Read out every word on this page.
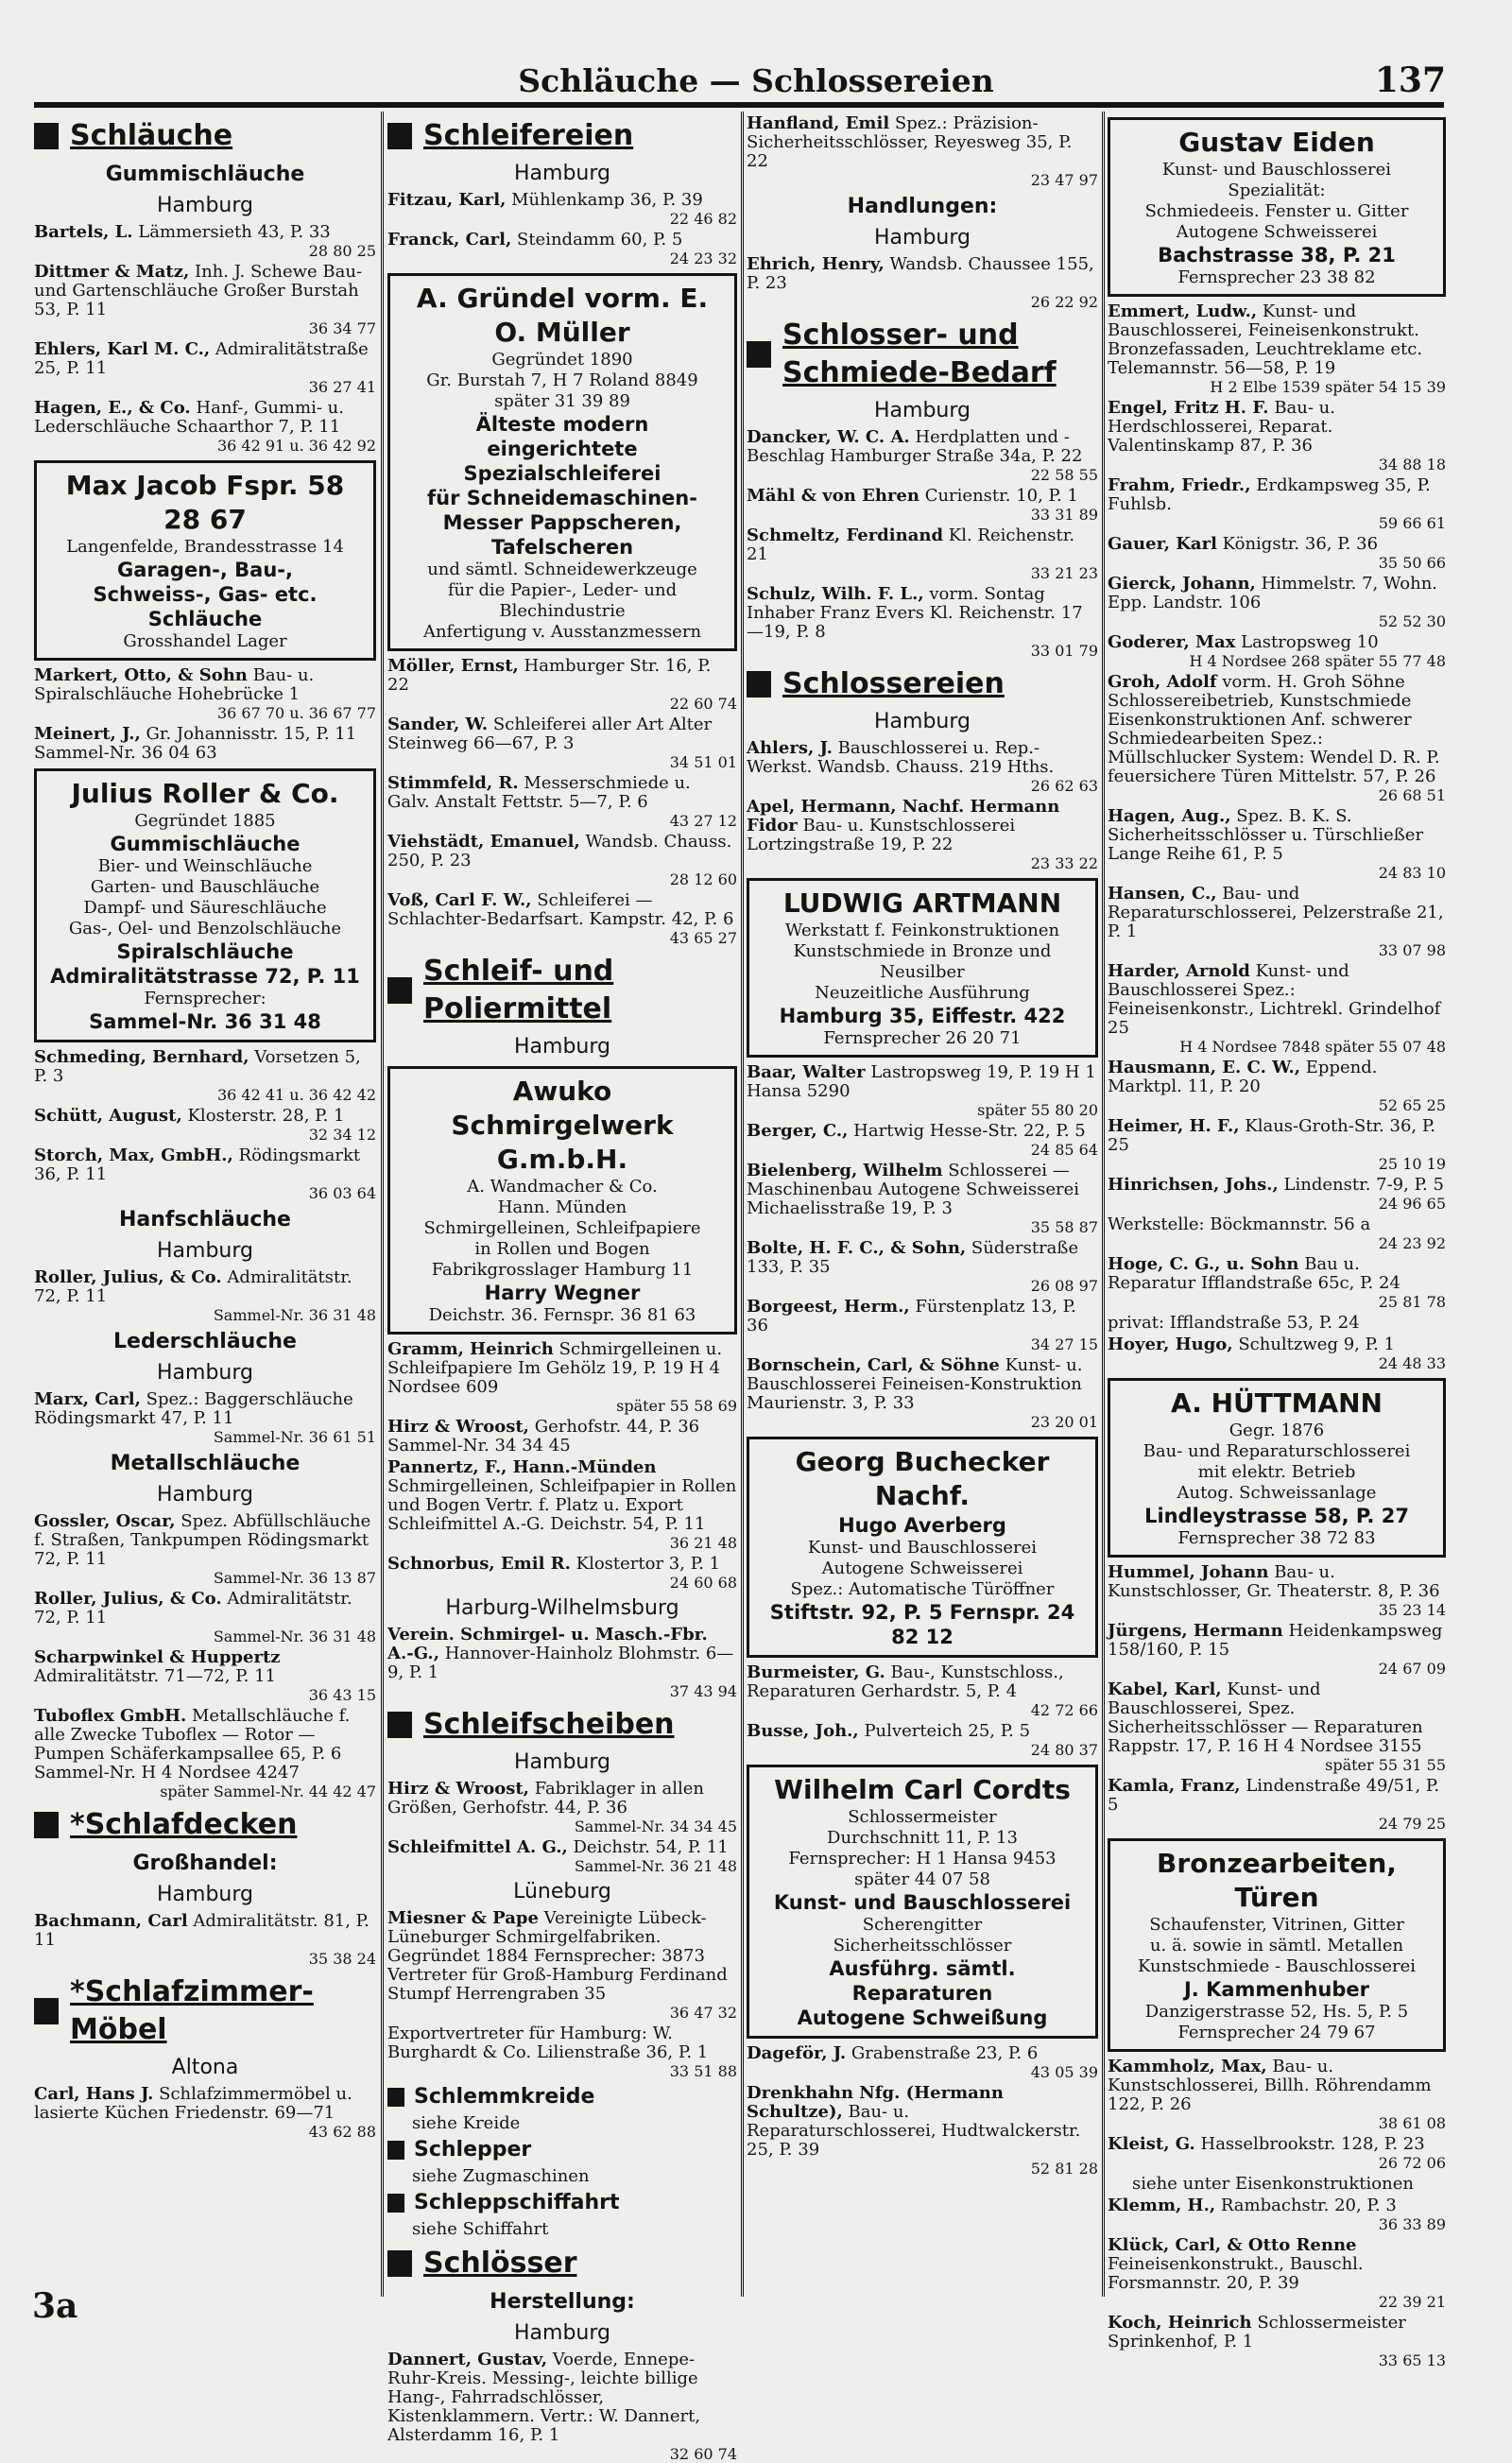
Schläuche — Schlossereien	137
Schläuche
Gummischläuche
Hamburg
Bartels, L. Lämmersieth 43, P. 33
28 80 25
Dittmer & Matz, Inh. J. Schewe Bau- und Gartenschläuche Großer Burstah 53, P. 11
36 34 77
Ehlers, Karl M. C., Admiralitätstraße 25, P. 11
36 27 41
Hagen, E., & Co. Hanf-, Gummi- u. Lederschläuche Schaarthor 7, P. 11
36 42 91 u. 36 42 92
Max Jacob Fspr. 58 28 67
Langenfelde, Brandesstrasse 14
Garagen-, Bau-,
Schweiss-, Gas- etc.
Schläuche
Grosshandel Lager
Markert, Otto, & Sohn Bau- u. Spiralschläuche Hohebrücke 1
36 67 70 u. 36 67 77
Meinert, J., Gr. Johannisstr. 15, P. 11 Sammel-Nr. 36 04 63
Julius Roller & Co.
Gegründet 1885
Gummischläuche
Bier- und Weinschläuche
Garten- und Bauschläuche
Dampf- und Säureschläuche
Gas-, Oel- und Benzolschläuche
Spiralschläuche
Admiralitätstrasse 72, P. 11
Fernsprecher:
Sammel-Nr. 36 31 48
Schmeding, Bernhard, Vorsetzen 5, P. 3
36 42 41 u. 36 42 42
Schütt, August, Klosterstr. 28, P. 1
32 34 12
Storch, Max, GmbH., Rödingsmarkt 36, P. 11
36 03 64
Hanfschläuche
Hamburg
Roller, Julius, & Co. Admiralitätstr. 72, P. 11
Sammel-Nr. 36 31 48
Lederschläuche
Hamburg
Marx, Carl, Spez.: Baggerschläuche Rödingsmarkt 47, P. 11
Sammel-Nr. 36 61 51
Metallschläuche
Hamburg
Gossler, Oscar, Spez. Abfüllschläuche f. Straßen, Tankpumpen Rödingsmarkt 72, P. 11
Sammel-Nr. 36 13 87
Roller, Julius, & Co. Admiralitätstr. 72, P. 11
Sammel-Nr. 36 31 48
Scharpwinkel & Huppertz Admiralitätstr. 71—72, P. 11
36 43 15
Tuboflex GmbH. Metallschläuche f. alle Zwecke Tuboflex — Rotor — Pumpen Schäferkampsallee 65, P. 6 Sammel-Nr. H 4 Nordsee 4247
später Sammel-Nr. 44 42 47
*Schlafdecken
Großhandel:
Hamburg
Bachmann, Carl Admiralitätstr. 81, P. 11
35 38 24
*Schlafzimmer-Möbel
Altona
Carl, Hans J. Schlafzimmermöbel u. lasierte Küchen Friedenstr. 69—71
43 62 88
Schleifereien
Hamburg
Fitzau, Karl, Mühlenkamp 36, P. 39
22 46 82
Franck, Carl, Steindamm 60, P. 5
24 23 32
A. Gründel vorm. E. O. Müller
Gegründet 1890
Gr. Burstah 7, H 7 Roland 8849
später 31 39 89
Älteste modern eingerichtete Spezialschleiferei
für Schneidemaschinen-Messer Pappscheren, Tafelscheren
und sämtl. Schneidewerkzeuge
für die Papier-, Leder- und Blechindustrie
Anfertigung v. Ausstanzmessern
Möller, Ernst, Hamburger Str. 16, P. 22
22 60 74
Sander, W. Schleiferei aller Art Alter Steinweg 66—67, P. 3
34 51 01
Stimmfeld, R. Messerschmiede u. Galv. Anstalt Fettstr. 5—7, P. 6
43 27 12
Viehstädt, Emanuel, Wandsb. Chauss. 250, P. 23
28 12 60
Voß, Carl F. W., Schleiferei — Schlachter-Bedarfsart. Kampstr. 42, P. 6
43 65 27
Schleif- und Poliermittel
Hamburg
Awuko Schmirgelwerk G.m.b.H.
A. Wandmacher & Co.
Hann. Münden
Schmirgelleinen, Schleifpapiere
in Rollen und Bogen
Fabrikgrosslager Hamburg 11
Harry Wegner
Deichstr. 36. Fernspr. 36 81 63
Gramm, Heinrich Schmirgelleinen u. Schleifpapiere Im Gehölz 19, P. 19 H 4 Nordsee 609
später 55 58 69
Hirz & Wroost, Gerhofstr. 44, P. 36 Sammel-Nr. 34 34 45
Pannertz, F., Hann.-Münden Schmirgelleinen, Schleifpapier in Rollen und Bogen Vertr. f. Platz u. Export Schleifmittel A.-G. Deichstr. 54, P. 11
36 21 48
Schnorbus, Emil R. Klostertor 3, P. 1
24 60 68
Harburg-Wilhelmsburg
Verein. Schmirgel- u. Masch.-Fbr. A.-G., Hannover-Hainholz Blohmstr. 6—9, P. 1
37 43 94
Schleifscheiben
Hamburg
Hirz & Wroost, Fabriklager in allen Größen, Gerhofstr. 44, P. 36
Sammel-Nr. 34 34 45
Schleifmittel A. G., Deichstr. 54, P. 11
Sammel-Nr. 36 21 48
Lüneburg
Miesner & Pape Vereinigte Lübeck-Lüneburger Schmirgelfabriken. Gegründet 1884 Fernsprecher: 3873 Vertreter für Groß-Hamburg Ferdinand Stumpf Herrengraben 35
36 47 32
Exportvertreter für Hamburg: W. Burghardt & Co. Lilienstraße 36, P. 1
33 51 88
Schlemmkreide
siehe Kreide
Schlepper
siehe Zugmaschinen
Schleppschiffahrt
siehe Schiffahrt
Schlösser
Herstellung:
Hamburg
Dannert, Gustav, Voerde, Ennepe-Ruhr-Kreis. Messing-, leichte billige Hang-, Fahrradschlösser, Kistenklammern. Vertr.: W. Dannert, Alsterdamm 16, P. 1
32 60 74
Hanfland, Emil Spez.: Präzision-Sicherheitsschlösser, Reyesweg 35, P. 22
23 47 97
Handlungen:
Hamburg
Ehrich, Henry, Wandsb. Chaussee 155, P. 23
26 22 92
Schlosser- und Schmiede-Bedarf
Hamburg
Dancker, W. C. A. Herdplatten und -Beschlag Hamburger Straße 34a, P. 22
22 58 55
Mähl & von Ehren Curienstr. 10, P. 1
33 31 89
Schmeltz, Ferdinand Kl. Reichenstr. 21
33 21 23
Schulz, Wilh. F. L., vorm. Sontag Inhaber Franz Evers Kl. Reichenstr. 17—19, P. 8
33 01 79
Schlossereien
Hamburg
Ahlers, J. Bauschlosserei u. Rep.-Werkst. Wandsb. Chauss. 219 Hths.
26 62 63
Apel, Hermann, Nachf. Hermann Fidor Bau- u. Kunstschlosserei Lortzingstraße 19, P. 22
23 33 22
LUDWIG ARTMANN
Werkstatt f. Feinkonstruktionen
Kunstschmiede in Bronze und Neusilber
Neuzeitliche Ausführung
Hamburg 35, Eiffestr. 422
Fernsprecher 26 20 71
Baar, Walter Lastropsweg 19, P. 19 H 1 Hansa 5290
später 55 80 20
Berger, C., Hartwig Hesse-Str. 22, P. 5
24 85 64
Bielenberg, Wilhelm Schlosserei — Maschinenbau Autogene Schweisserei Michaelisstraße 19, P. 3
35 58 87
Bolte, H. F. C., & Sohn, Süderstraße 133, P. 35
26 08 97
Borgeest, Herm., Fürstenplatz 13, P. 36
34 27 15
Bornschein, Carl, & Söhne Kunst- u. Bauschlosserei Feineisen-Konstruktion Maurienstr. 3, P. 33
23 20 01
Georg Buchecker Nachf.
Hugo Averberg
Kunst- und Bauschlosserei
Autogene Schweisserei
Spez.: Automatische Türöffner
Stiftstr. 92, P. 5 Fernspr. 24 82 12
Burmeister, G. Bau-, Kunstschloss., Reparaturen Gerhardstr. 5, P. 4
42 72 66
Busse, Joh., Pulverteich 25, P. 5
24 80 37
Wilhelm Carl Cordts
Schlossermeister
Durchschnitt 11, P. 13
Fernsprecher: H 1 Hansa 9453
später 44 07 58
Kunst- und Bauschlosserei
Scherengitter
Sicherheitsschlösser
Ausführg. sämtl. Reparaturen
Autogene Schweißung
Dageför, J. Grabenstraße 23, P. 6
43 05 39
Drenkhahn Nfg. (Hermann Schultze), Bau- u. Reparaturschlosserei, Hudtwalckerstr. 25, P. 39
52 81 28
Gustav Eiden
Kunst- und Bauschlosserei
Spezialität:
Schmiedeeis. Fenster u. Gitter
Autogene Schweisserei
Bachstrasse 38, P. 21
Fernsprecher 23 38 82
Emmert, Ludw., Kunst- und Bauschlosserei, Feineisenkonstrukt. Bronzefassaden, Leuchtreklame etc. Telemannstr. 56—58, P. 19
H 2 Elbe 1539 später 54 15 39
Engel, Fritz H. F. Bau- u. Herdschlosserei, Reparat. Valentinskamp 87, P. 36
34 88 18
Frahm, Friedr., Erdkampsweg 35, P. Fuhlsb.
59 66 61
Gauer, Karl Königstr. 36, P. 36
35 50 66
Gierck, Johann, Himmelstr. 7, Wohn. Epp. Landstr. 106
52 52 30
Goderer, Max Lastropsweg 10
H 4 Nordsee 268 später 55 77 48
Groh, Adolf vorm. H. Groh Söhne Schlossereibetrieb, Kunstschmiede Eisenkonstruktionen Anf. schwerer Schmiedearbeiten Spez.: Müllschlucker System: Wendel D. R. P. feuersichere Türen Mittelstr. 57, P. 26
26 68 51
Hagen, Aug., Spez. B. K. S. Sicherheitsschlösser u. Türschließer Lange Reihe 61, P. 5
24 83 10
Hansen, C., Bau- und Reparaturschlosserei, Pelzerstraße 21, P. 1
33 07 98
Harder, Arnold Kunst- und Bauschlosserei Spez.: Feineisenkonstr., Lichtrekl. Grindelhof 25
H 4 Nordsee 7848 später 55 07 48
Hausmann, E. C. W., Eppend. Marktpl. 11, P. 20
52 65 25
Heimer, H. F., Klaus-Groth-Str. 36, P. 25
25 10 19
Hinrichsen, Johs., Lindenstr. 7-9, P. 5
24 96 65
Werkstelle: Böckmannstr. 56 a
24 23 92
Hoge, C. G., u. Sohn Bau u. Reparatur Ifflandstraße 65c, P. 24
25 81 78
privat: Ifflandstraße 53, P. 24
Hoyer, Hugo, Schultzweg 9, P. 1
24 48 33
A. HÜTTMANN
Gegr. 1876
Bau- und Reparaturschlosserei
mit elektr. Betrieb
Autog. Schweissanlage
Lindleystrasse 58, P. 27
Fernsprecher 38 72 83
Hummel, Johann Bau- u. Kunstschlosser, Gr. Theaterstr. 8, P. 36
35 23 14
Jürgens, Hermann Heidenkampsweg 158/160, P. 15
24 67 09
Kabel, Karl, Kunst- und Bauschlosserei, Spez. Sicherheitsschlösser — Reparaturen Rappstr. 17, P. 16 H 4 Nordsee 3155
später 55 31 55
Kamla, Franz, Lindenstraße 49/51, P. 5
24 79 25
Bronzearbeiten, Türen
Schaufenster, Vitrinen, Gitter
u. ä. sowie in sämtl. Metallen
Kunstschmiede - Bauschlosserei
J. Kammenhuber
Danzigerstrasse 52, Hs. 5, P. 5
Fernsprecher 24 79 67
Kammholz, Max, Bau- u. Kunstschlosserei, Billh. Röhrendamm 122, P. 26
38 61 08
Kleist, G. Hasselbrookstr. 128, P. 23
26 72 06
siehe unter Eisenkonstruktionen
Klemm, H., Rambachstr. 20, P. 3
36 33 89
Klück, Carl, & Otto Renne Feineisenkonstrukt., Bauschl. Forsmannstr. 20, P. 39
22 39 21
Koch, Heinrich Schlossermeister Sprinkenhof, P. 1
33 65 13
3a
